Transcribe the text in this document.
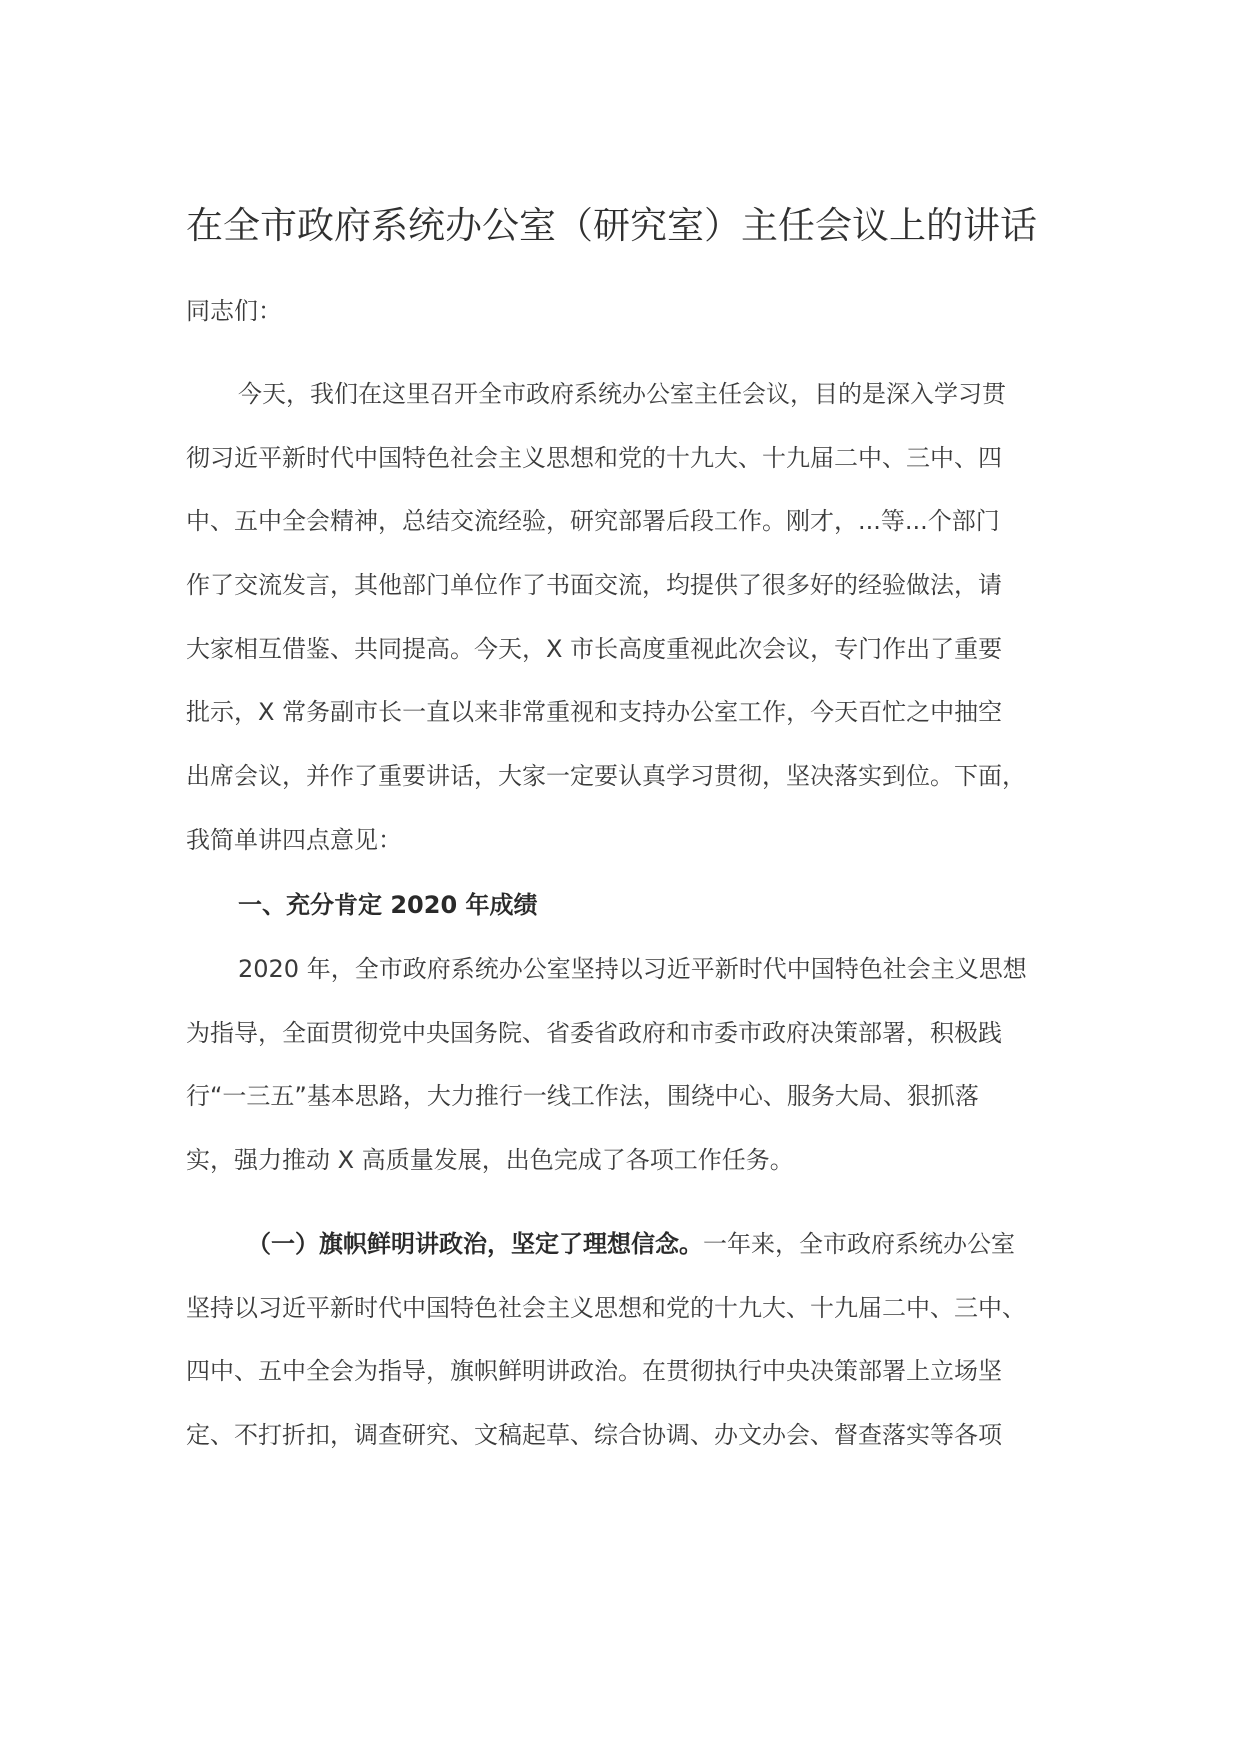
在全市政府系统办公室（研究室）主任会议上的讲话
同志们：
今天，我们在这里召开全市政府系统办公室主任会议，目的是深入学习贯
彻习近平新时代中国特色社会主义思想和党的十九大、十九届二中、三中、四
中、五中全会精神，总结交流经验，研究部署后段工作。刚才，...等...个部门
作了交流发言，其他部门单位作了书面交流，均提供了很多好的经验做法，请
大家相互借鉴、共同提高。今天，X 市长高度重视此次会议，专门作出了重要
批示，X 常务副市长一直以来非常重视和支持办公室工作，今天百忙之中抽空
出席会议，并作了重要讲话，大家一定要认真学习贯彻，坚决落实到位。下面，
我简单讲四点意见：
一、充分肯定 2020 年成绩
2020 年，全市政府系统办公室坚持以习近平新时代中国特色社会主义思想
为指导，全面贯彻党中央国务院、省委省政府和市委市政府决策部署，积极践
行“一三五”基本思路，大力推行一线工作法，围绕中心、服务大局、狠抓落
实，强力推动 X 高质量发展，出色完成了各项工作任务。
（一）旗帜鲜明讲政治，坚定了理想信念。一年来，全市政府系统办公室
坚持以习近平新时代中国特色社会主义思想和党的十九大、十九届二中、三中、
四中、五中全会为指导，旗帜鲜明讲政治。在贯彻执行中央决策部署上立场坚
定、不打折扣，调查研究、文稿起草、综合协调、办文办会、督查落实等各项
